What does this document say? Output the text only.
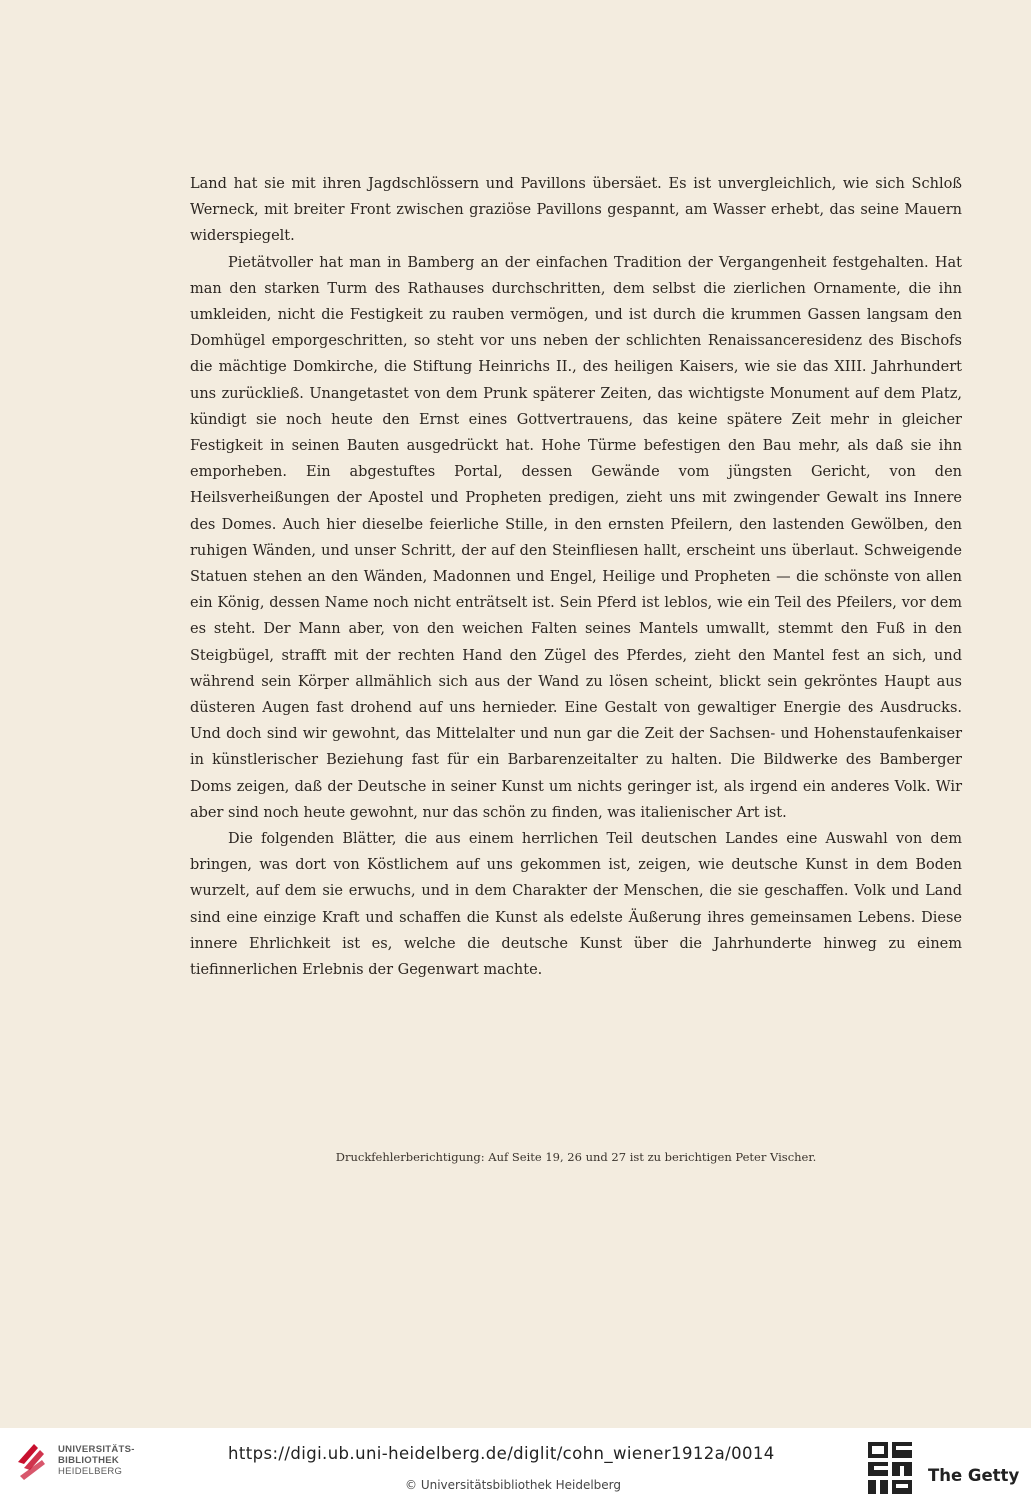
Land hat sie mit ihren Jagdschlössern und Pavillons übersäet. Es ist unvergleichlich, wie sich Schloß Werneck, mit breiter Front zwischen graziöse Pavillons gespannt, am Wasser erhebt, das seine Mauern widerspiegelt.

Pietätvoller hat man in Bamberg an der einfachen Tradition der Vergangenheit festgehalten. Hat man den starken Turm des Rathauses durchschritten, dem selbst die zierlichen Ornamente, die ihn umkleiden, nicht die Festigkeit zu rauben vermögen, und ist durch die krummen Gassen langsam den Domhügel emporgeschritten, so steht vor uns neben der schlichten Renaissanceresidenz des Bischofs die mächtige Domkirche, die Stiftung Heinrichs II., des heiligen Kaisers, wie sie das XIII. Jahrhundert uns zurückließ. Unangetastet von dem Prunk späterer Zeiten, das wichtigste Monument auf dem Platz, kündigt sie noch heute den Ernst eines Gottvertrauens, das keine spätere Zeit mehr in gleicher Festigkeit in seinen Bauten ausgedrückt hat. Hohe Türme befestigen den Bau mehr, als daß sie ihn emporheben. Ein abgestuftes Portal, dessen Gewände vom jüngsten Gericht, von den Heilsverheißungen der Apostel und Propheten predigen, zieht uns mit zwingender Gewalt ins Innere des Domes. Auch hier dieselbe feierliche Stille, in den ernsten Pfeilern, den lastenden Gewölben, den ruhigen Wänden, und unser Schritt, der auf den Steinfliesen hallt, erscheint uns überlaut. Schweigende Statuen stehen an den Wänden, Madonnen und Engel, Heilige und Propheten — die schönste von allen ein König, dessen Name noch nicht enträtselt ist. Sein Pferd ist leblos, wie ein Teil des Pfeilers, vor dem es steht. Der Mann aber, von den weichen Falten seines Mantels umwallt, stemmt den Fuß in den Steigbügel, strafft mit der rechten Hand den Zügel des Pferdes, zieht den Mantel fest an sich, und während sein Körper allmählich sich aus der Wand zu lösen scheint, blickt sein gekröntes Haupt aus düsteren Augen fast drohend auf uns hernieder. Eine Gestalt von gewaltiger Energie des Ausdrucks. Und doch sind wir gewohnt, das Mittelalter und nun gar die Zeit der Sachsen- und Hohenstaufenkaiser in künstlerischer Beziehung fast für ein Barbarenzeitalter zu halten. Die Bildwerke des Bamberger Doms zeigen, daß der Deutsche in seiner Kunst um nichts geringer ist, als irgend ein anderes Volk. Wir aber sind noch heute gewohnt, nur das schön zu finden, was italienischer Art ist.

Die folgenden Blätter, die aus einem herrlichen Teil deutschen Landes eine Auswahl von dem bringen, was dort von Köstlichem auf uns gekommen ist, zeigen, wie deutsche Kunst in dem Boden wurzelt, auf dem sie erwuchs, und in dem Charakter der Menschen, die sie geschaffen. Volk und Land sind eine einzige Kraft und schaffen die Kunst als edelste Äußerung ihres gemeinsamen Lebens. Diese innere Ehrlichkeit ist es, welche die deutsche Kunst über die Jahrhunderte hinweg zu einem tiefinnerlichen Erlebnis der Gegenwart machte.

Druckfehlerberichtigung: Auf Seite 19, 26 und 27 ist zu berichtigen Peter Vischer.
UNIVERSITÄTS-
BIBLIOTHEK
HEIDELBERG
https://digi.ub.uni-heidelberg.de/diglit/cohn_wiener1912a/0014
© Universitätsbibliothek Heidelberg	The Getty
